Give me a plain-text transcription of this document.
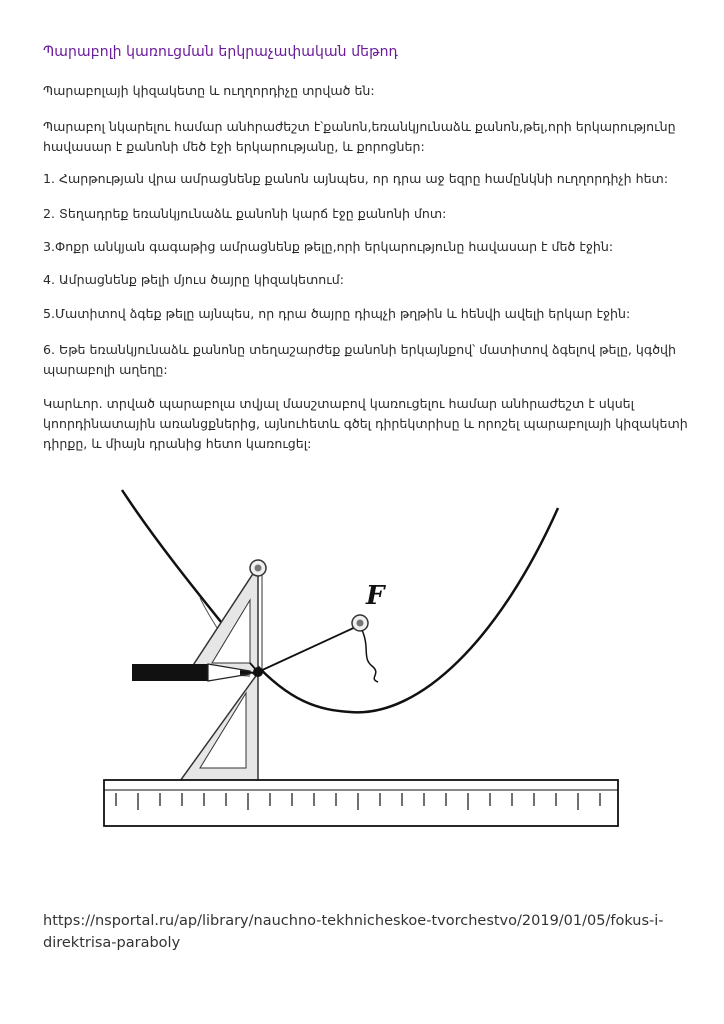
Պարաբոլի կառուցման երկրաչափական մեթոդ
Պարաբոլայի կիզակետը և ուղղորդիչը տրված են:
Պարաբոլ նկարելու համար անհրաժեշտ է՝քանոն,եռանկյունաձև քանոն,թել,որի երկարությունը հավասար է քանոնի մեծ էջի երկարությանը, և քորոցներ:
1. Հարթության վրա ամրացնենք քանոն այնպես, որ դրա աջ եզրը համընկնի ուղղորդիչի հետ:
2. Տեղադրեք եռանկյունաձև քանոնի կարճ էջը քանոնի մոտ:
3.Փոքր անկյան գագաթից ամրացնենք թելը,որի երկարությունը հավասար է մեծ էջին:
4. Ամրացնենք թելի մյուս ծայրը կիզակետում:
5.Մատիտով ձգեք թելը այնպես, որ դրա ծայրը դիպչի թղթին և հենվի ավելի երկար էջին:
6. Եթե եռանկյունաձև քանոնը տեղաշարժեք քանոնի երկայնքով՝ մատիտով ձգելով թելը, կգծվի պարաբոլի աղեղը:
Կարևոր. տրված պարաբոլա տվյալ մասշտաբով կառուցելու համար անհրաժեշտ է սկսել կոորդինատային առանցքներից, այնուհետև գծել դիրեկտրիսը և որոշել պարաբոլայի կիզակետի դիրքը, և միայն դրանից հետո կառուցել:
F
https://nsportal.ru/ap/library/nauchno-tekhnicheskoe-tvorchestvo/2019/01/05/fokus-i-direktrisa-paraboly
